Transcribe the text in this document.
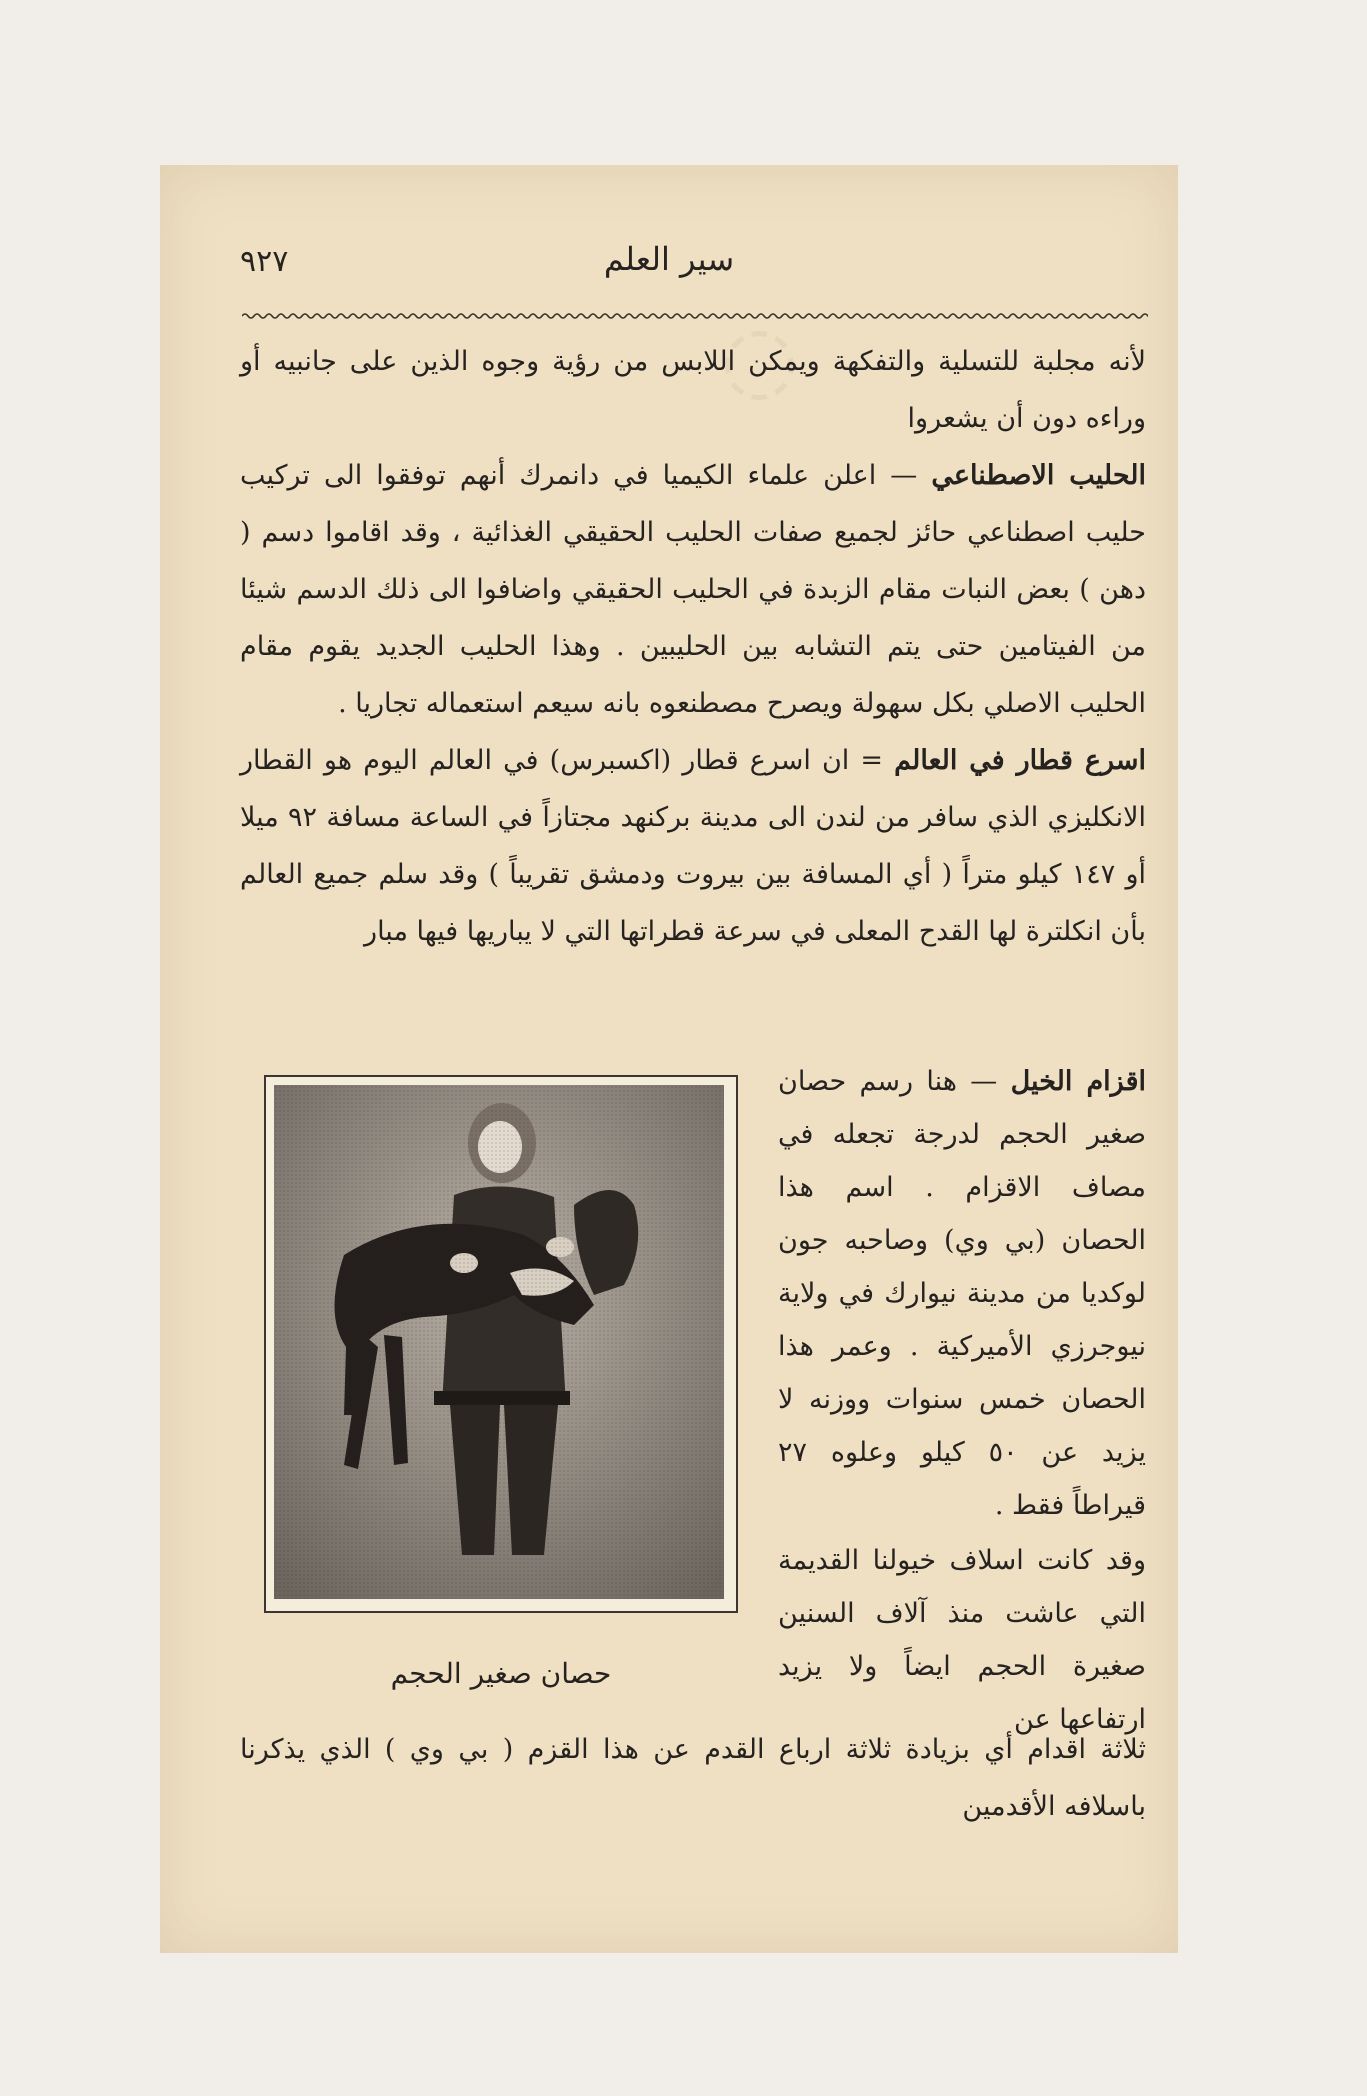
◌
٩٢٧	سير العلم

لأنه مجلبة للتسلية والتفكهة ويمكن اللابس من رؤية وجوه الذين على جانبيه أو وراءه دون أن يشعروا

الحليب الاصطناعي — اعلن علماء الكيميا في دانمرك أنهم توفقوا الى تركيب حليب اصطناعي حائز لجميع صفات الحليب الحقيقي الغذائية ، وقد اقاموا دسم ( دهن ) بعض النبات مقام الزبدة في الحليب الحقيقي واضافوا الى ذلك الدسم شيئا من الفيتامين حتى يتم التشابه بين الحليبين . وهذا الحليب الجديد يقوم مقام الحليب الاصلي بكل سهولة ويصرح مصطنعوه بانه سيعم استعماله تجاريا .

اسرع قطار في العالم = ان اسرع قطار (اكسبرس) في العالم اليوم هو القطار الانكليزي الذي سافر من لندن الى مدينة بركنهد مجتازاً في الساعة مسافة ٩٢ ميلا أو ١٤٧ كيلو متراً ( أي المسافة بين بيروت ودمشق تقريباً ) وقد سلم جميع العالم بأن انكلترة لها القدح المعلى في سرعة قطراتها التي لا يباريها فيها مبار

حصان صغير الحجم

اقزام الخيل — هنا رسم حصان صغير الحجم لدرجة تجعله في مصاف الاقزام . اسم هذا الحصان (بي وي) وصاحبه جون لوكديا من مدينة نيوارك في ولاية نيوجرزي الأميركية . وعمر هذا الحصان خمس سنوات ووزنه لا يزيد عن ٥٠ كيلو وعلوه ٢٧ قيراطاً فقط .

وقد كانت اسلاف خيولنا القديمة التي عاشت منذ آلاف السنين صغيرة الحجم ايضاً ولا يزيد ارتفاعها عن

ثلاثة اقدام أي بزيادة ثلاثة ارباع القدم عن هذا القزم ( بي وي ) الذي يذكرنا باسلافه الأقدمين
